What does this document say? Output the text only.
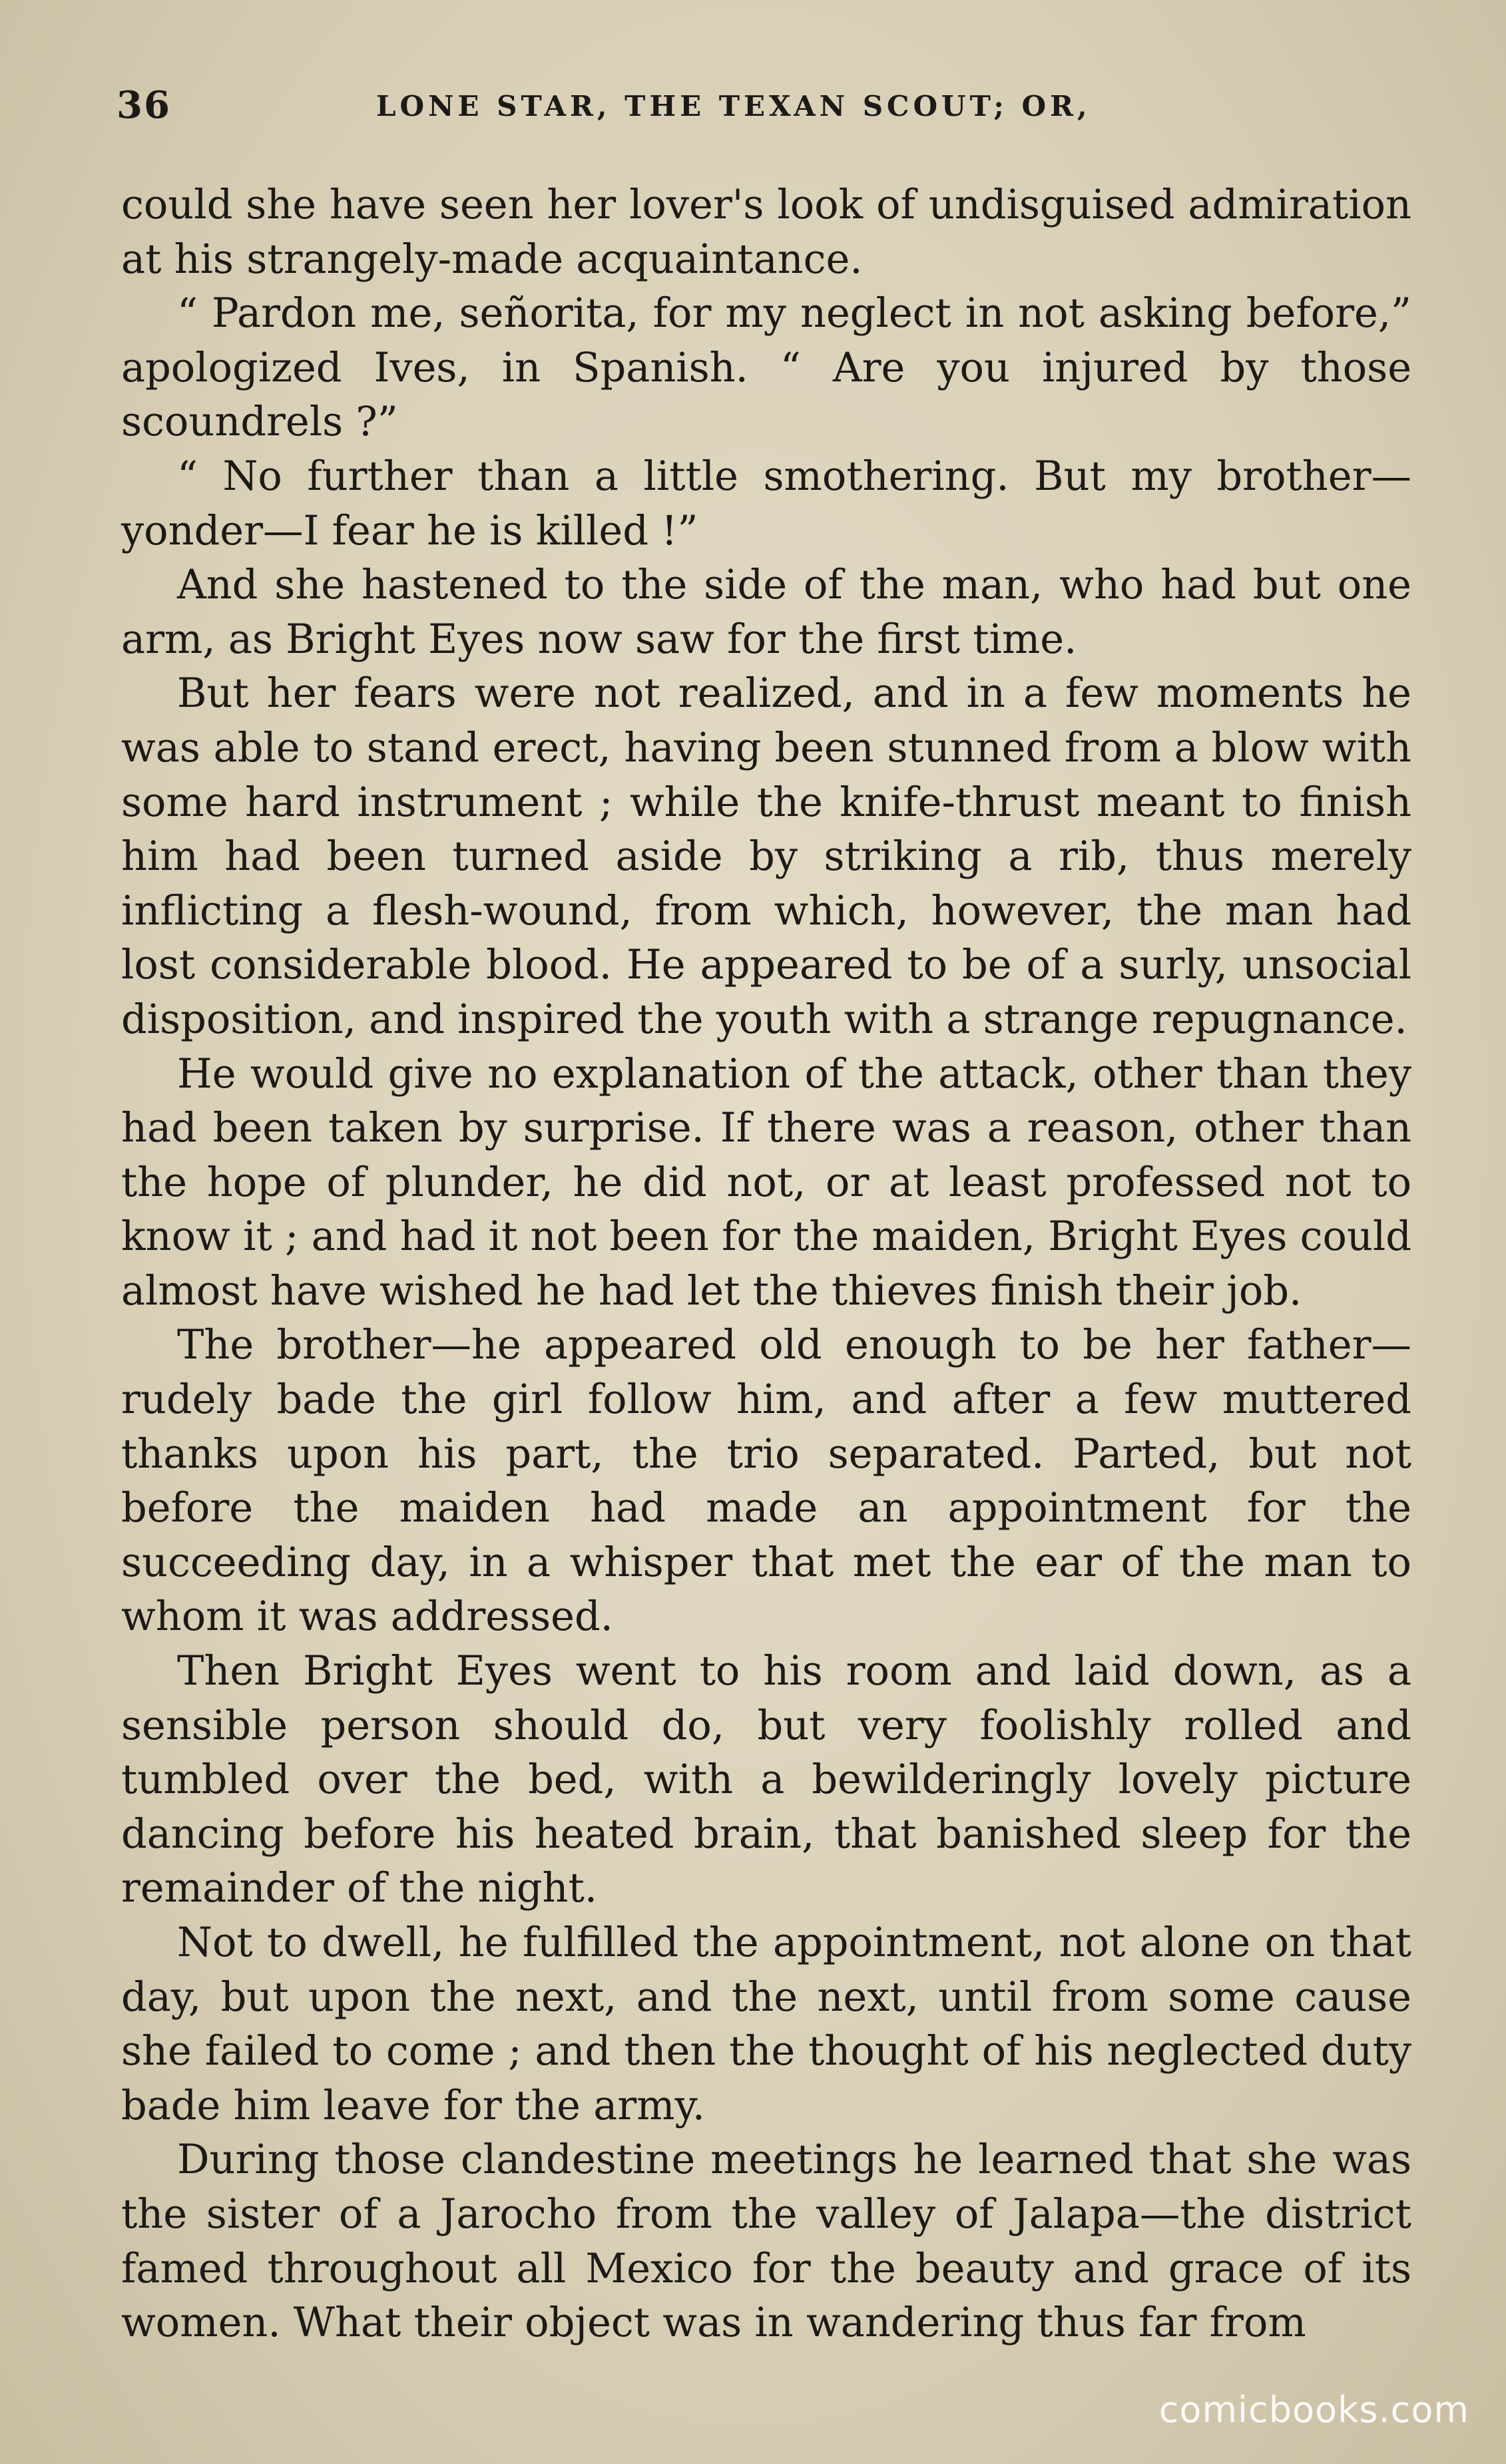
36	LONE STAR, THE TEXAN SCOUT; OR,

could she have seen her lover's look of undisguised admiration at his strangely-made acquaintance.

“ Pardon me, señorita, for my neglect in not asking before,” apologized Ives, in Spanish. “ Are you injured by those scoundrels ?”

“ No further than a little smothering. But my brother—yonder—I fear he is killed !”

And she hastened to the side of the man, who had but one arm, as Bright Eyes now saw for the first time.

But her fears were not realized, and in a few moments he was able to stand erect, having been stunned from a blow with some hard instrument ; while the knife-thrust meant to finish him had been turned aside by striking a rib, thus merely inflicting a flesh-wound, from which, however, the man had lost considerable blood. He appeared to be of a surly, unsocial disposition, and inspired the youth with a strange repugnance.

He would give no explanation of the attack, other than they had been taken by surprise. If there was a reason, other than the hope of plunder, he did not, or at least professed not to know it ; and had it not been for the maiden, Bright Eyes could almost have wished he had let the thieves finish their job.

The brother—he appeared old enough to be her father—rudely bade the girl follow him, and after a few muttered thanks upon his part, the trio separated. Parted, but not before the maiden had made an appointment for the succeeding day, in a whisper that met the ear of the man to whom it was addressed.

Then Bright Eyes went to his room and laid down, as a sensible person should do, but very foolishly rolled and tumbled over the bed, with a bewilderingly lovely picture dancing before his heated brain, that banished sleep for the remainder of the night.

Not to dwell, he fulfilled the appointment, not alone on that day, but upon the next, and the next, until from some cause she failed to come ; and then the thought of his neglected duty bade him leave for the army.

During those clandestine meetings he learned that she was the sister of a Jarocho from the valley of Jalapa—the district famed throughout all Mexico for the beauty and grace of its women. What their object was in wandering thus far from

comicbooks.com
